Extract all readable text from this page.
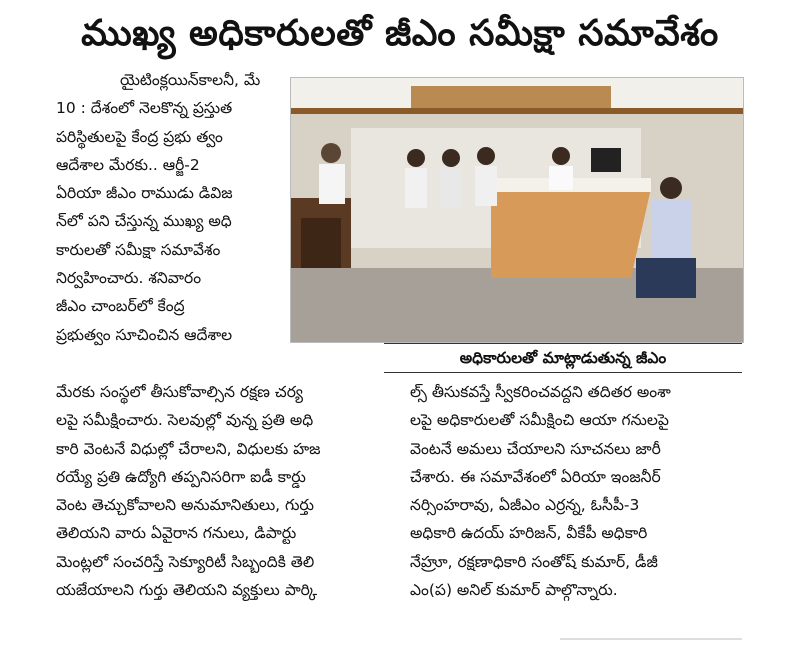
ముఖ్య అధికారులతో జీఎం సమీక్షా సమావేశం
యైటింక్లయిన్‌కాలనీ, మే
10 : దేశంలో నెలకొన్న ప్రస్తుత
పరిస్థితులపై కేంద్ర ప్రభు త్వం
ఆదేశాల మేరకు.. ఆర్జీ-2
ఏరియా జీఎం రాముడు డివిజ
న్‌లో పని చేస్తున్న ముఖ్య అధి
కారులతో సమీక్షా సమావేశం
నిర్వహించారు. శనివారం
జీఎం చాంబర్‌లో కేంద్ర
ప్రభుత్వం సూచించిన ఆదేశాల
అధికారులతో మాట్లాడుతున్న జీఎం
మేరకు సంస్థలో తీసుకోవాల్సిన రక్షణ చర్య
లపై సమీక్షించారు. సెలవుల్లో వున్న ప్రతి అధి
కారి వెంటనే విధుల్లో చేరాలని, విధులకు హజ
రయ్యే ప్రతి ఉద్యోగి తప్పనిసరిగా ఐడీ కార్డు
వెంట తెచ్చుకోవాలని అనుమానితులు, గుర్తు
తెలియని వారు ఏవైరాన గనులు, డిపార్టు
మెంట్లలో సంచరిస్తే సెక్యూరిటీ సిబ్బందికి తెలి
యజేయాలని గుర్తు తెలియని వ్యక్తులు పార్కి
ల్స్ తీసుకవస్తే స్వీకరించవద్దని తదితర అంశా
లపై అధికారులతో సమీక్షించి ఆయా గనులపై
వెంటనే అమలు చేయాలని సూచనలు జారీ
చేశారు. ఈ సమావేశంలో ఏరియా ఇంజనీర్
నర్సింహరావు, ఏజీఎం ఎర్రన్న, ఓసీపీ-3
అధికారి ఉదయ్ హరిజన్, వీకేపీ అధికారి
నేహ్రూ, రక్షణాధికారి సంతోష్ కుమార్, డీజీ
ఎం(ప) అనిల్ కుమార్ పాల్గొన్నారు.
